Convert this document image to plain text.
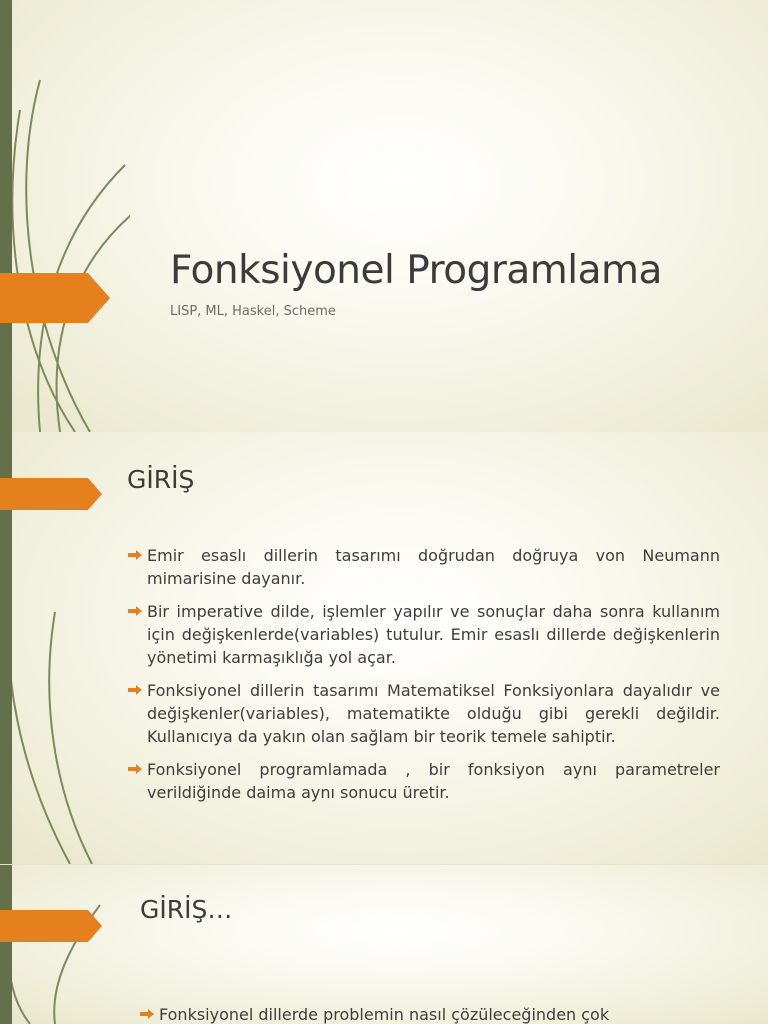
Fonksiyonel Programlama

LISP, ML, Haskel, Scheme

GİRİŞ
Emir esaslı dillerin tasarımı doğrudan doğruya von Neumann mimarisine dayanır.
Bir imperative dilde, işlemler yapılır ve sonuçlar daha sonra kullanım için değişkenlerde(variables) tutulur. Emir esaslı dillerde değişkenlerin yönetimi karmaşıklığa yol açar.
Fonksiyonel dillerin tasarımı Matematiksel Fonksiyonlara dayalıdır ve değişkenler(variables), matematikte olduğu gibi gerekli değildir. Kullanıcıya da yakın olan sağlam bir teorik temele sahiptir.
Fonksiyonel programlamada , bir fonksiyon aynı parametreler verildiğinde daima aynı sonucu üretir.
GİRİŞ…
Fonksiyonel dillerde problemin nasıl çözüleceğinden çok
